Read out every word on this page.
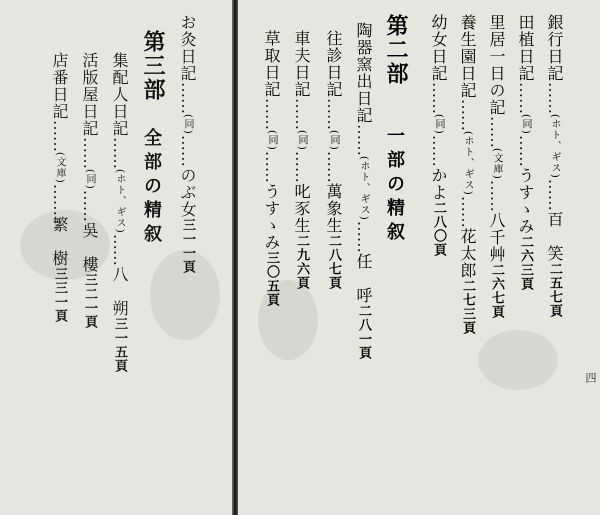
お灸日記……(同)……のぶ女三一一頁
第三部
全部の精叙
集配人日記……(ホト、ギス)……八　朔三一五頁
活版屋日記……(同)……吳　樓三二一頁
店番日記……(文庫)……繁　樹三三一頁
銀行日記……(ホト、ギス)……百　笑二五七頁
田植日記……(同)……うすゝみ二六三頁
里居一日の記……(文庫)……八千艸二六七頁
養生園日記……(ホト、ギス)……花太郎二七三頁
幼女日記……(同)……かよ二八〇頁
第二部
一部の精叙
陶器窯出日記……(ホト、ギス)……任　呼二八一頁
往診日記……(同)……萬象生二八七頁
車夫日記……(同)……叱豕生二九六頁
草取日記……(同)……うすゝみ三〇五頁
四
